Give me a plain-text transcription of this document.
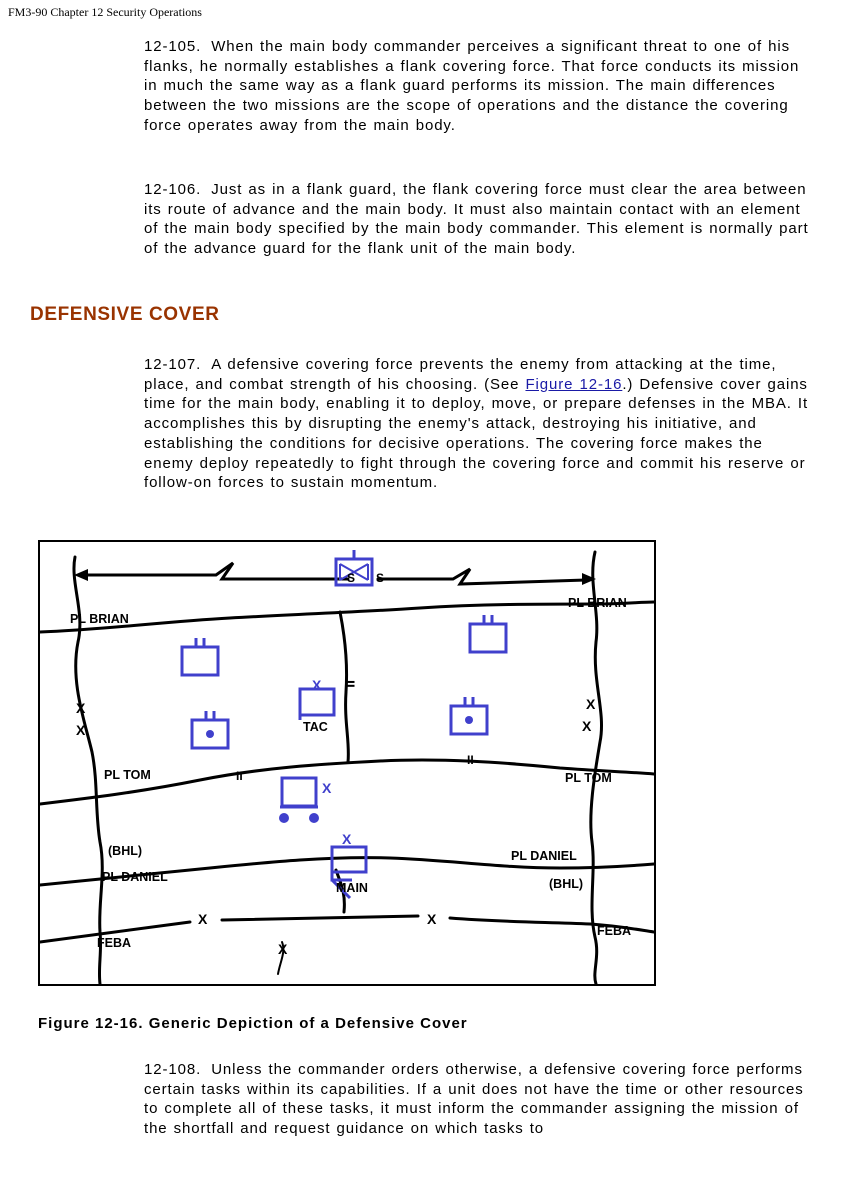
FM3-90 Chapter 12 Security Operations

12-105. When the main body commander perceives a significant threat to one of his flanks, he normally establishes a flank covering force. That force conducts its mission in much the same way as a flank guard performs its mission. The main differences between the two missions are the scope of operations and the distance the covering force operates away from the main body.

12-106. Just as in a flank guard, the flank covering force must clear the area between its route of advance and the main body. It must also maintain contact with an element of the main body specified by the main body commander. This element is normally part of the advance guard for the flank unit of the main body.

DEFENSIVE COVER

12-107. A defensive covering force prevents the enemy from attacking at the time, place, and combat strength of his choosing. (See Figure 12-16.) Defensive cover gains time for the main body, enabling it to deploy, move, or prepare defenses in the MBA. It accomplishes this by disrupting the enemy's attack, destroying his initiative, and establishing the conditions for decisive operations. The covering force makes the enemy deploy repeatedly to fight through the covering force and commit his reserve or follow-on forces to sustain momentum.

S S
X
X
X
X
X
X
X
X	X
X
II
II
II
PL BRIAN
PL BRIAN
PL TOM	PL TOM
(BHL)
PL DANIEL
PL DANIEL
(BHL)
FEBA
FEBA
TAC
MAIN

Figure 12-16. Generic Depiction of a Defensive Cover

12-108. Unless the commander orders otherwise, a defensive covering force performs certain tasks within its capabilities. If a unit does not have the time or other resources to complete all of these tasks, it must inform the commander assigning the mission of the shortfall and request guidance on which tasks to
